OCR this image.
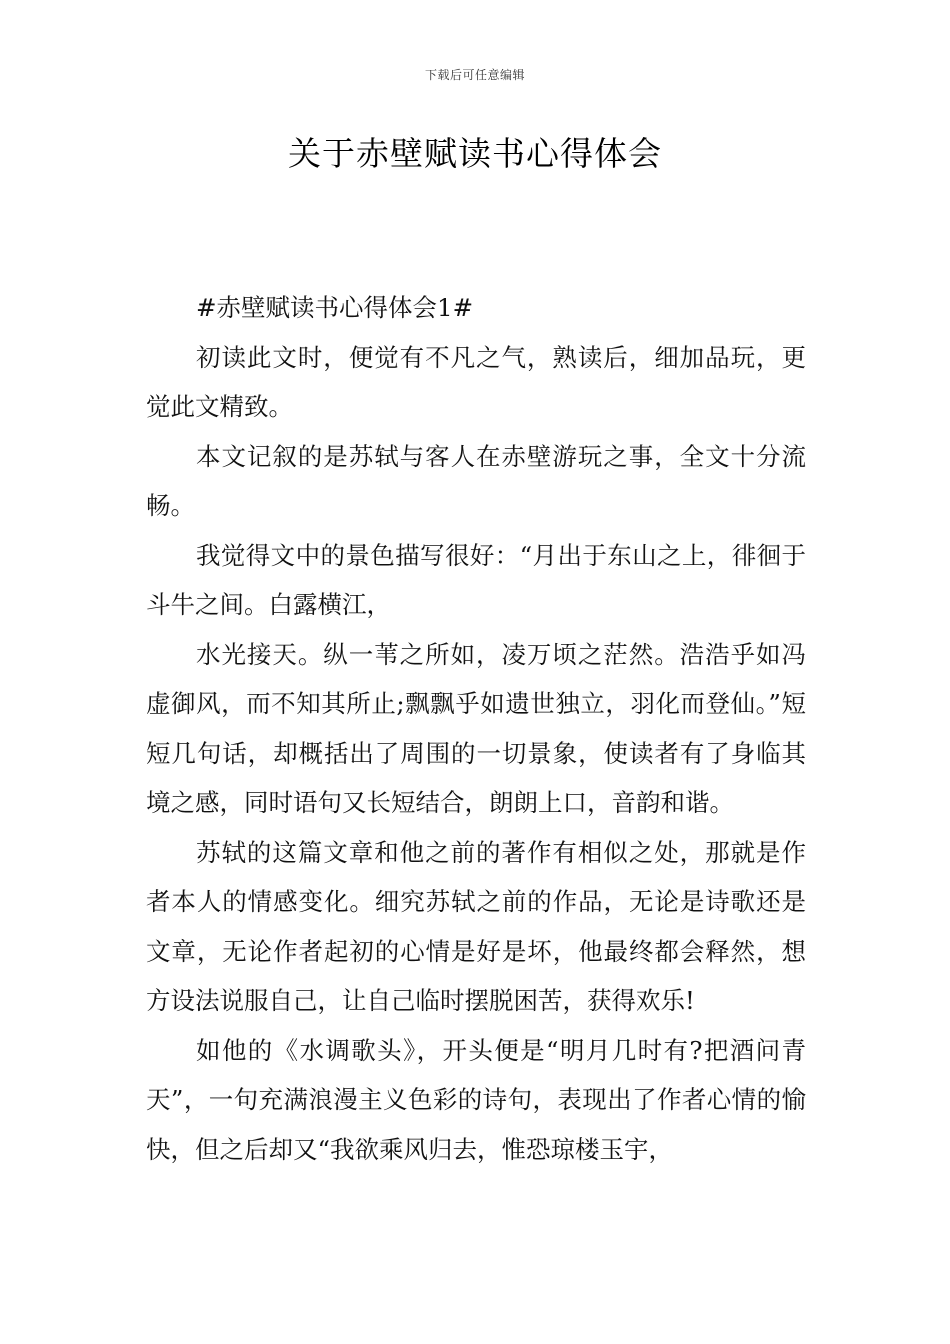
下载后可任意编辑
关于赤壁赋读书心得体会

#赤壁赋读书心得体会1#

初读此文时，便觉有不凡之气，熟读后，细加品玩，更觉此文精致。

本文记叙的是苏轼与客人在赤壁游玩之事，全文十分流畅。

我觉得文中的景色描写很好：“月出于东山之上，徘徊于斗牛之间。白露横江，

水光接天。纵一苇之所如，凌万顷之茫然。浩浩乎如冯虚御风，而不知其所止;飘飘乎如遗世独立，羽化而登仙。”短短几句话，却概括出了周围的一切景象，使读者有了身临其境之感，同时语句又长短结合，朗朗上口，音韵和谐。

苏轼的这篇文章和他之前的著作有相似之处，那就是作者本人的情感变化。细究苏轼之前的作品，无论是诗歌还是文章，无论作者起初的心情是好是坏，他最终都会释然，想方设法说服自己，让自己临时摆脱困苦，获得欢乐!

如他的《水调歌头》，开头便是“明月几时有?把酒问青天”，一句充满浪漫主义色彩的诗句，表现出了作者心情的愉快，但之后却又“我欲乘风归去，惟恐琼楼玉宇，
